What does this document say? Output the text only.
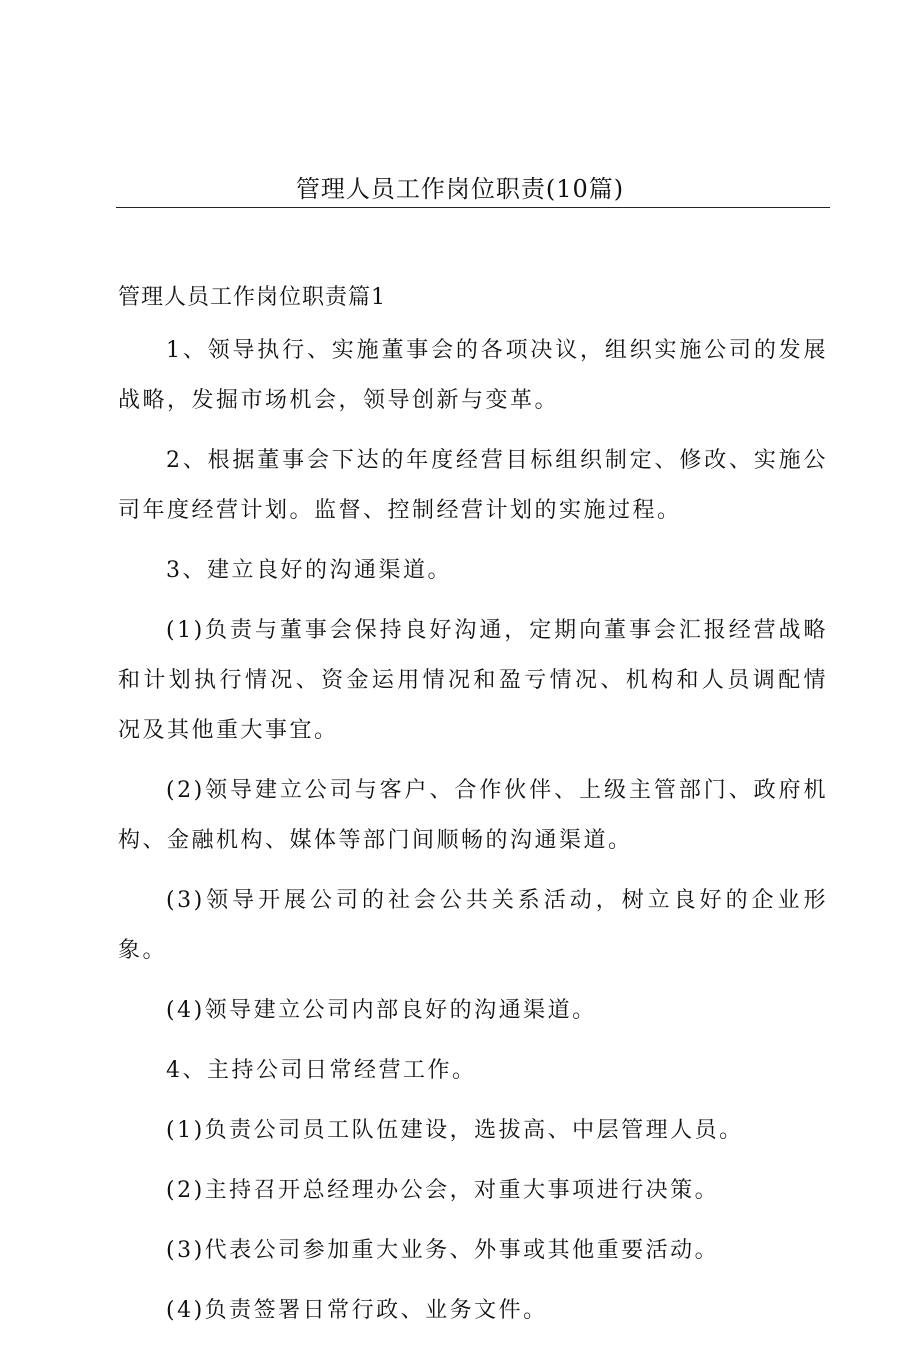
管理人员工作岗位职责(10篇)
管理人员工作岗位职责篇1

1、领导执行、实施董事会的各项决议，组织实施公司的发展战略，发掘市场机会，领导创新与变革。

2、根据董事会下达的年度经营目标组织制定、修改、实施公司年度经营计划。监督、控制经营计划的实施过程。

3、建立良好的沟通渠道。

(1)负责与董事会保持良好沟通，定期向董事会汇报经营战略和计划执行情况、资金运用情况和盈亏情况、机构和人员调配情况及其他重大事宜。

(2)领导建立公司与客户、合作伙伴、上级主管部门、政府机构、金融机构、媒体等部门间顺畅的沟通渠道。

(3)领导开展公司的社会公共关系活动，树立良好的企业形象。

(4)领导建立公司内部良好的沟通渠道。

4、主持公司日常经营工作。

(1)负责公司员工队伍建设，选拔高、中层管理人员。

(2)主持召开总经理办公会，对重大事项进行决策。

(3)代表公司参加重大业务、外事或其他重要活动。

(4)负责签署日常行政、业务文件。
